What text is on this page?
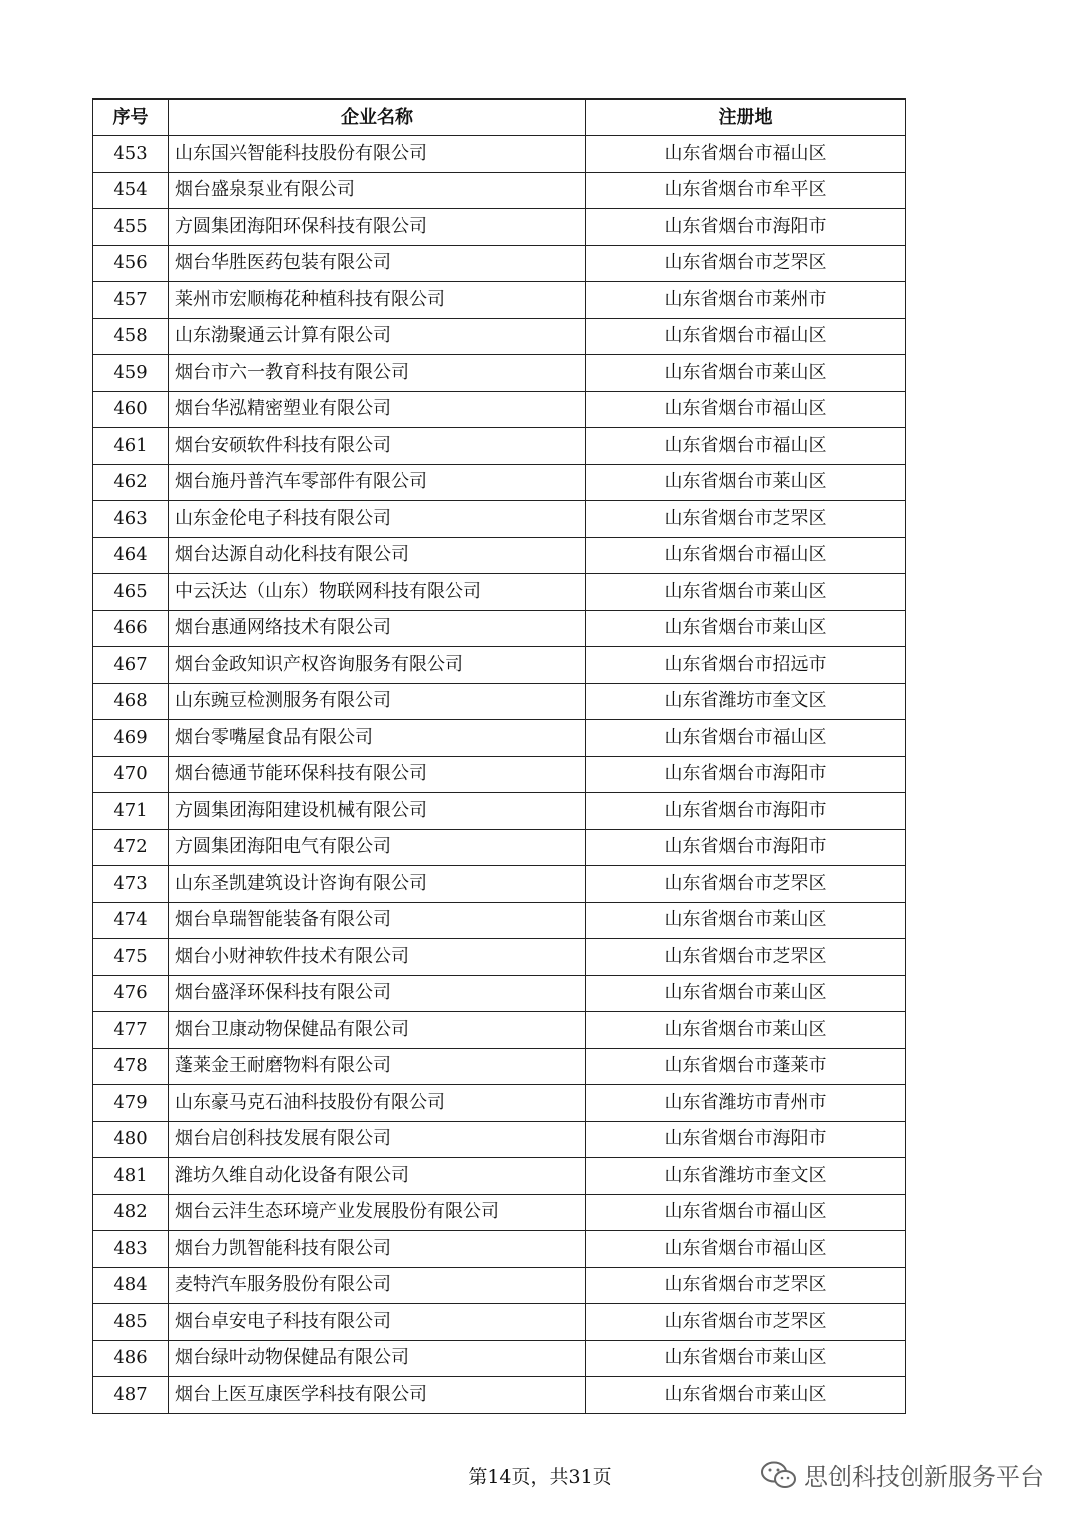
序号	企业名称	注册地
453	山东国兴智能科技股份有限公司	山东省烟台市福山区
454	烟台盛泉泵业有限公司	山东省烟台市牟平区
455	方圆集团海阳环保科技有限公司	山东省烟台市海阳市
456	烟台华胜医药包装有限公司	山东省烟台市芝罘区
457	莱州市宏顺梅花种植科技有限公司	山东省烟台市莱州市
458	山东渤聚通云计算有限公司	山东省烟台市福山区
459	烟台市六一教育科技有限公司	山东省烟台市莱山区
460	烟台华泓精密塑业有限公司	山东省烟台市福山区
461	烟台安硕软件科技有限公司	山东省烟台市福山区
462	烟台施丹普汽车零部件有限公司	山东省烟台市莱山区
463	山东金伦电子科技有限公司	山东省烟台市芝罘区
464	烟台达源自动化科技有限公司	山东省烟台市福山区
465	中云沃达（山东）物联网科技有限公司	山东省烟台市莱山区
466	烟台惠通网络技术有限公司	山东省烟台市莱山区
467	烟台金政知识产权咨询服务有限公司	山东省烟台市招远市
468	山东豌豆检测服务有限公司	山东省潍坊市奎文区
469	烟台零嘴屋食品有限公司	山东省烟台市福山区
470	烟台德通节能环保科技有限公司	山东省烟台市海阳市
471	方圆集团海阳建设机械有限公司	山东省烟台市海阳市
472	方圆集团海阳电气有限公司	山东省烟台市海阳市
473	山东圣凯建筑设计咨询有限公司	山东省烟台市芝罘区
474	烟台阜瑞智能装备有限公司	山东省烟台市莱山区
475	烟台小财神软件技术有限公司	山东省烟台市芝罘区
476	烟台盛泽环保科技有限公司	山东省烟台市莱山区
477	烟台卫康动物保健品有限公司	山东省烟台市莱山区
478	蓬莱金王耐磨物料有限公司	山东省烟台市蓬莱市
479	山东豪马克石油科技股份有限公司	山东省潍坊市青州市
480	烟台启创科技发展有限公司	山东省烟台市海阳市
481	潍坊久维自动化设备有限公司	山东省潍坊市奎文区
482	烟台云沣生态环境产业发展股份有限公司	山东省烟台市福山区
483	烟台力凯智能科技有限公司	山东省烟台市福山区
484	麦特汽车服务股份有限公司	山东省烟台市芝罘区
485	烟台卓安电子科技有限公司	山东省烟台市芝罘区
486	烟台绿叶动物保健品有限公司	山东省烟台市莱山区
487	烟台上医互康医学科技有限公司	山东省烟台市莱山区
第14页，共31页	思创科技创新服务平台
